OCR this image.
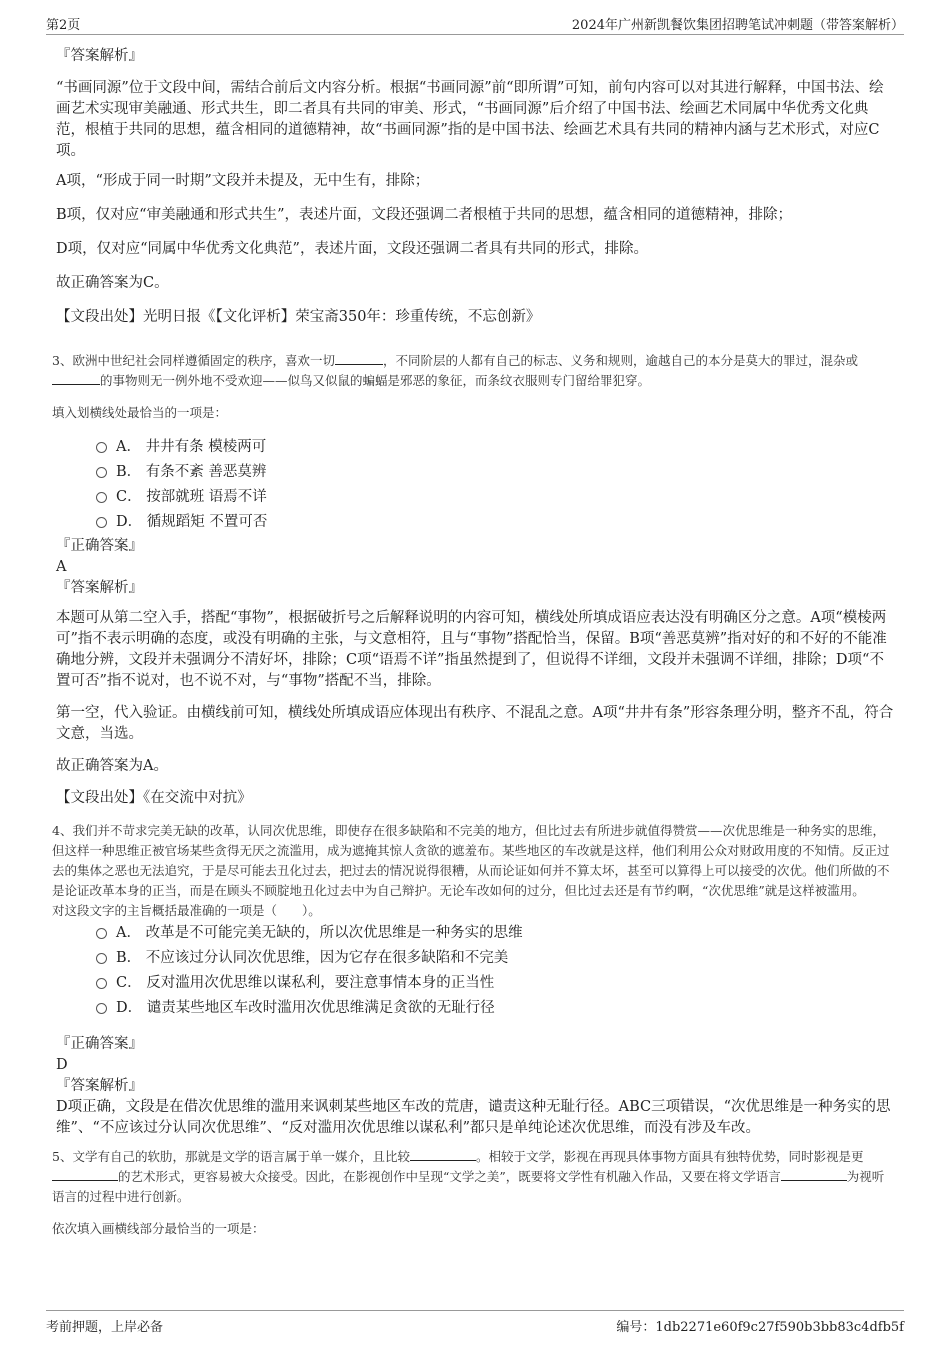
第2页	2024年广州新凯餐饮集团招聘笔试冲刺题（带答案解析）

『答案解析』

“书画同源”位于文段中间，需结合前后文内容分析。根据“书画同源”前“即所谓”可知，前句内容可以对其进行解释，中国书法、绘画艺术实现审美融通、形式共生，即二者具有共同的审美、形式，“书画同源”后介绍了中国书法、绘画艺术同属中华优秀文化典范，根植于共同的思想，蕴含相同的道德精神，故“书画同源”指的是中国书法、绘画艺术具有共同的精神内涵与艺术形式，对应C项。

A项，“形成于同一时期”文段并未提及，无中生有，排除；

B项，仅对应“审美融通和形式共生”，表述片面，文段还强调二者根植于共同的思想，蕴含相同的道德精神，排除；

D项，仅对应“同属中华优秀文化典范”，表述片面，文段还强调二者具有共同的形式，排除。

故正确答案为C。

【文段出处】光明日报《【文化评析】荣宝斋350年：珍重传统，不忘创新》

3、欧洲中世纪社会同样遵循固定的秩序，喜欢一切	，不同阶层的人都有自己的标志、义务和规则，逾越自己的本分是莫大的罪过，混杂或的事物则无一例外地不受欢迎——似鸟又似鼠的蝙蝠是邪恶的象征，而条纹衣服则专门留给罪犯穿。

填入划横线处最恰当的一项是：

A． 井井有条 模棱两可

B． 有条不紊 善恶莫辨

C． 按部就班 语焉不详

D． 循规蹈矩 不置可否

『正确答案』

A

『答案解析』

本题可从第二空入手，搭配“事物”，根据破折号之后解释说明的内容可知，横线处所填成语应表达没有明确区分之意。A项“模棱两可”指不表示明确的态度，或没有明确的主张，与文意相符，且与“事物”搭配恰当，保留。B项“善恶莫辨”指对好的和不好的不能准确地分辨，文段并未强调分不清好坏，排除；C项“语焉不详”指虽然提到了，但说得不详细，文段并未强调不详细，排除；D项“不置可否”指不说对，也不说不对，与“事物”搭配不当，排除。

第一空，代入验证。由横线前可知，横线处所填成语应体现出有秩序、不混乱之意。A项“井井有条”形容条理分明，整齐不乱，符合文意，当选。

故正确答案为A。

【文段出处】《在交流中对抗》

4、我们并不苛求完美无缺的改革，认同次优思维，即使存在很多缺陷和不完美的地方，但比过去有所进步就值得赞赏——次优思维是一种务实的思维，但这样一种思维正被官场某些贪得无厌之流滥用，成为遮掩其惊人贪欲的遮羞布。某些地区的车改就是这样，他们利用公众对财政用度的不知情。反正过去的集体之恶也无法追究，于是尽可能去丑化过去，把过去的情况说得很糟，从而论证如何并不算太坏，甚至可以算得上可以接受的次优。他们所做的不是论证改革本身的正当，而是在顾头不顾腚地丑化过去中为自己辩护。无论车改如何的过分，但比过去还是有节约啊，“次优思维”就是这样被滥用。

对这段文字的主旨概括最准确的一项是（　　）。

A． 改革是不可能完美无缺的，所以次优思维是一种务实的思维

B． 不应该过分认同次优思维，因为它存在很多缺陷和不完美

C． 反对滥用次优思维以谋私利，要注意事情本身的正当性

D． 谴责某些地区车改时滥用次优思维满足贪欲的无耻行径

『正确答案』

D

『答案解析』

D项正确，文段是在借次优思维的滥用来讽刺某些地区车改的荒唐，谴责这种无耻行径。ABC三项错误，“次优思维是一种务实的思维”、“不应该过分认同次优思维”、“反对滥用次优思维以谋私利”都只是单纯论述次优思维，而没有涉及车改。

5、文学有自己的软肋，那就是文学的语言属于单一媒介，且比较	。相较于文学，影视在再现具体事物方面具有独特优势，同时影视是更的艺术形式，更容易被大众接受。因此，在影视创作中呈现“文学之美”，既要将文学性有机融入作品，又要在将文学语言	为视听语言的过程中进行创新。

依次填入画横线部分最恰当的一项是：

考前押题，上岸必备	编号：1db2271e60f9c27f590b3bb83c4dfb5f
